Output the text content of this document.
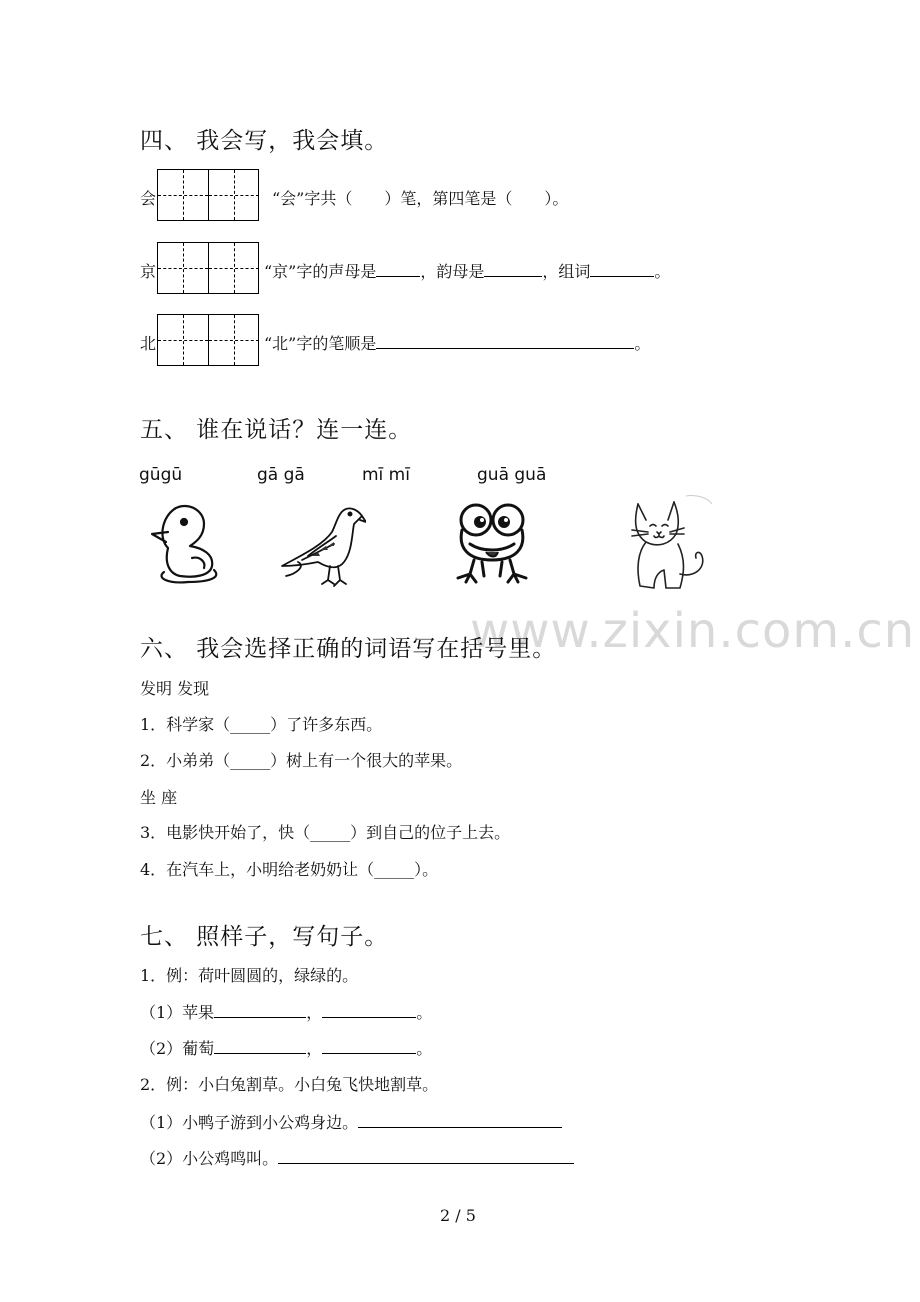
www.zixin.com.cn
四、 我会写，我会填。
会	“会”字共（　　）笔，第四笔是（　　）。
京	“京”字的声母是	，韵母是	，组词	。
北	“北”字的笔顺是	。
五、 谁在说话？连一连。
gūgū	gā gā	mī mī	guā guā
六、 我会选择正确的词语写在括号里。
发明 发现
1．科学家（_____）了许多东西。
2．小弟弟（_____）树上有一个很大的苹果。
坐 座
3．电影快开始了，快（_____）到自己的位子上去。
4．在汽车上，小明给老奶奶让（_____）。
七、 照样子，写句子。
1．例：荷叶圆圆的，绿绿的。
（1）苹果	，	。
（2）葡萄	，	。
2．例：小白兔割草。小白兔飞快地割草。
（1）小鸭子游到小公鸡身边。
（2）小公鸡鸣叫。
2 / 5
